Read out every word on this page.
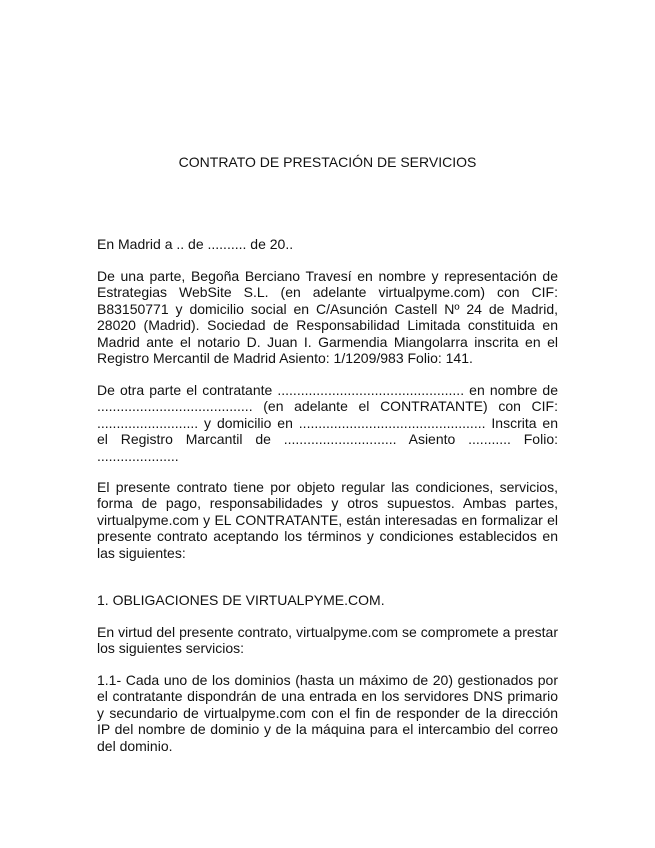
CONTRATO DE PRESTACIÓN DE SERVICIOS

En Madrid a .. de .......... de 20..

De una parte, Begoña Berciano Travesí en nombre y representación de Estrategias WebSite S.L. (en adelante virtualpyme.com) con CIF: B83150771 y domicilio social en C/Asunción Castell Nº 24 de Madrid, 28020 (Madrid). Sociedad de Responsabilidad Limitada constituida en Madrid ante el notario D. Juan I. Garmendia Miangolarra inscrita en el Registro Mercantil de Madrid Asiento: 1/1209/983 Folio: 141.

De otra parte el contratante ................................................ en nombre de
........................................ (en adelante el CONTRATANTE) con CIF:
.......................... y domicilio en ................................................ Inscrita en
el Registro Marcantil de ............................. Asiento ........... Folio:
.....................

El presente contrato tiene por objeto regular las condiciones, servicios, forma de pago, responsabilidades y otros supuestos. Ambas partes, virtualpyme.com y EL CONTRATANTE, están interesadas en formalizar el presente contrato aceptando los términos y condiciones establecidos en las siguientes:

1. OBLIGACIONES DE VIRTUALPYME.COM.

En virtud del presente contrato, virtualpyme.com se compromete a prestar los siguientes servicios:

1.1- Cada uno de los dominios (hasta un máximo de 20) gestionados por el contratante dispondrán de una entrada en los servidores DNS primario y secundario de virtualpyme.com con el fin de responder de la dirección IP del nombre de dominio y de la máquina para el intercambio del correo del dominio.
